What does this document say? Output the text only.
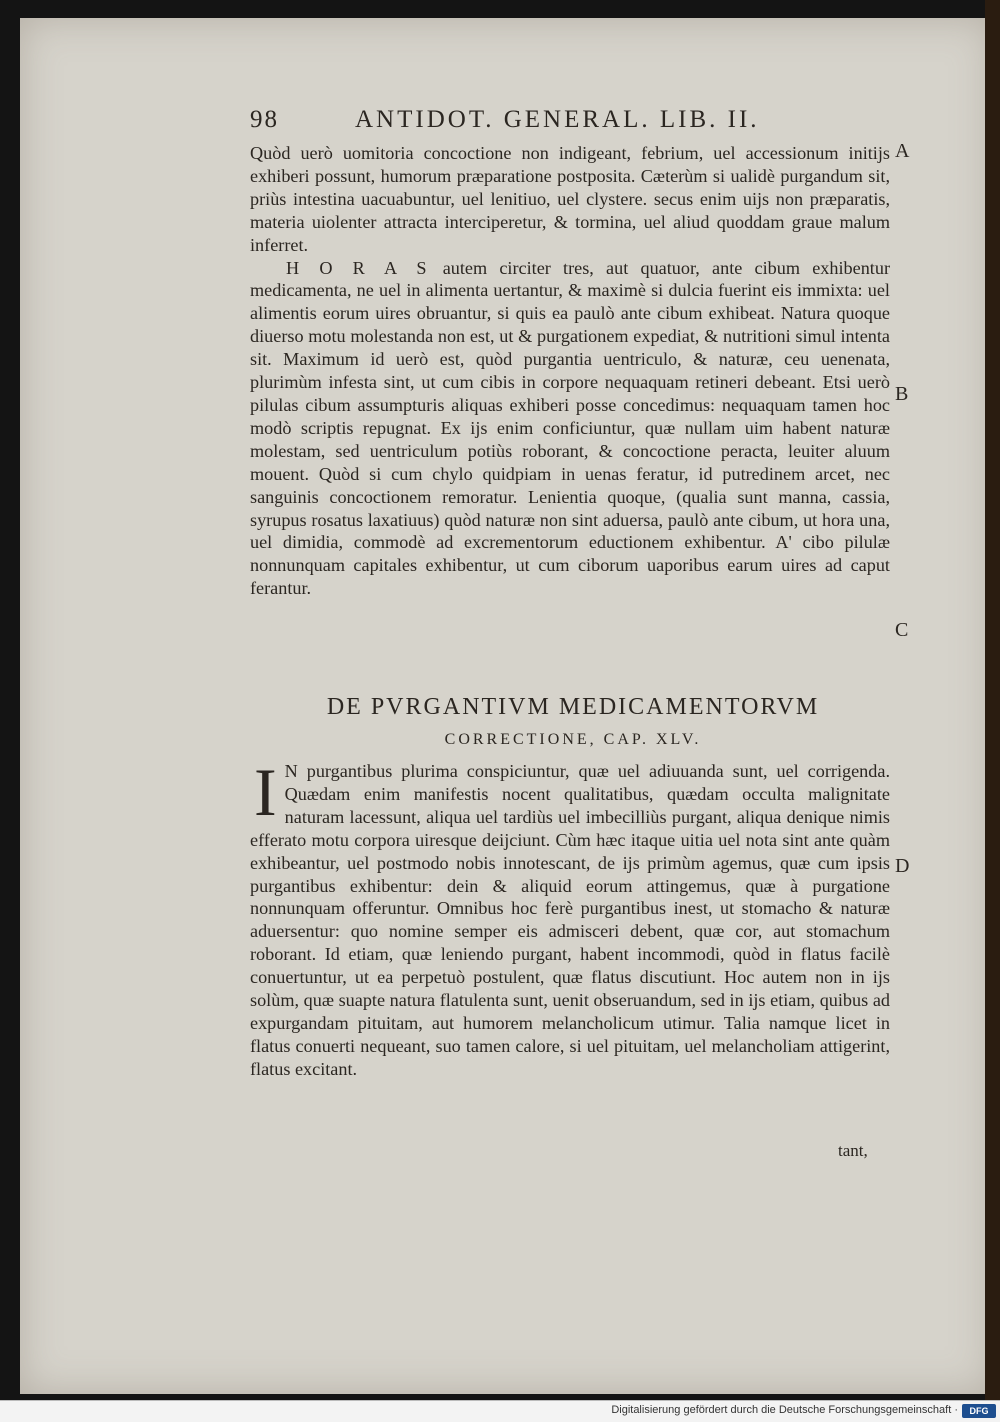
98	ANTIDOT. GENERAL. LIB. II.

Quòd uerò uomitoria concoctione non indigeant, febrium, uel accessionum initijs exhiberi possunt, humorum præparatione postposita. Cæterùm si ualidè purgandum sit, priùs intestina uacuabuntur, uel lenitiuo, uel clystere. secus enim uijs non præparatis, materia uiolenter attracta interciperetur, & tormina, uel aliud quoddam graue malum inferret.

H O R A S autem circiter tres, aut quatuor, ante cibum exhibentur medicamenta, ne uel in alimenta uertantur, & maximè si dulcia fuerint eis immixta: uel alimentis eorum uires obruantur, si quis ea paulò ante cibum exhibeat. Natura quoque diuerso motu molestanda non est, ut & purgationem expediat, & nutritioni simul intenta sit. Maximum id uerò est, quòd purgantia uentriculo, & naturæ, ceu uenenata, plurimùm infesta sint, ut cum cibis in corpore nequaquam retineri debeant. Etsi uerò pilulas cibum assumpturis aliquas exhiberi posse concedimus: nequaquam tamen hoc modò scriptis repugnat. Ex ijs enim conficiuntur, quæ nullam uim habent naturæ molestam, sed uentriculum potiùs roborant, & concoctione peracta, leuiter aluum mouent. Quòd si cum chylo quidpiam in uenas feratur, id putredinem arcet, nec sanguinis concoctionem remoratur. Lenientia quoque, (qualia sunt manna, cassia, syrupus rosatus laxatiuus) quòd naturæ non sint aduersa, paulò ante cibum, ut hora una, uel dimidia, commodè ad excrementorum eductionem exhibentur. A' cibo pilulæ nonnunquam capitales exhibentur, ut cum ciborum uaporibus earum uires ad caput ferantur.

DE PVRGANTIVM MEDICAMENTORVM
CORRECTIONE, CAP. XLV.
I N purgantibus plurima conspiciuntur, quæ uel adiuuanda sunt, uel corrigenda. Quædam enim manifestis nocent qualitatibus, quædam occulta malignitate naturam lacessunt, aliqua uel tardiùs uel imbecilliùs purgant, aliqua denique nimis efferato motu corpora uiresque deijciunt. Cùm hæc itaque uitia uel nota sint ante quàm exhibeantur, uel postmodo nobis innotescant, de ijs primùm agemus, quæ cum ipsis purgantibus exhibentur: dein & aliquid eorum attingemus, quæ à purgatione nonnunquam offeruntur. Omnibus hoc ferè purgantibus inest, ut stomacho & naturæ aduersentur: quo nomine semper eis admisceri debent, quæ cor, aut stomachum roborant. Id etiam, quæ leniendo purgant, habent incommodi, quòd in flatus facilè conuertuntur, ut ea perpetuò postulent, quæ flatus discutiunt. Hoc autem non in ijs solùm, quæ suapte natura flatulenta sunt, uenit obseruandum, sed in ijs etiam, quibus ad expurgandam pituitam, aut humorem melancholicum utimur. Talia namque licet in flatus conuerti nequeant, suo tamen calore, si uel pituitam, uel melancholiam attigerint, flatus excitant.

A
B
C
D
tant,
Digitalisierung gefördert durch die Deutsche Forschungsgemeinschaft ·	DFG
